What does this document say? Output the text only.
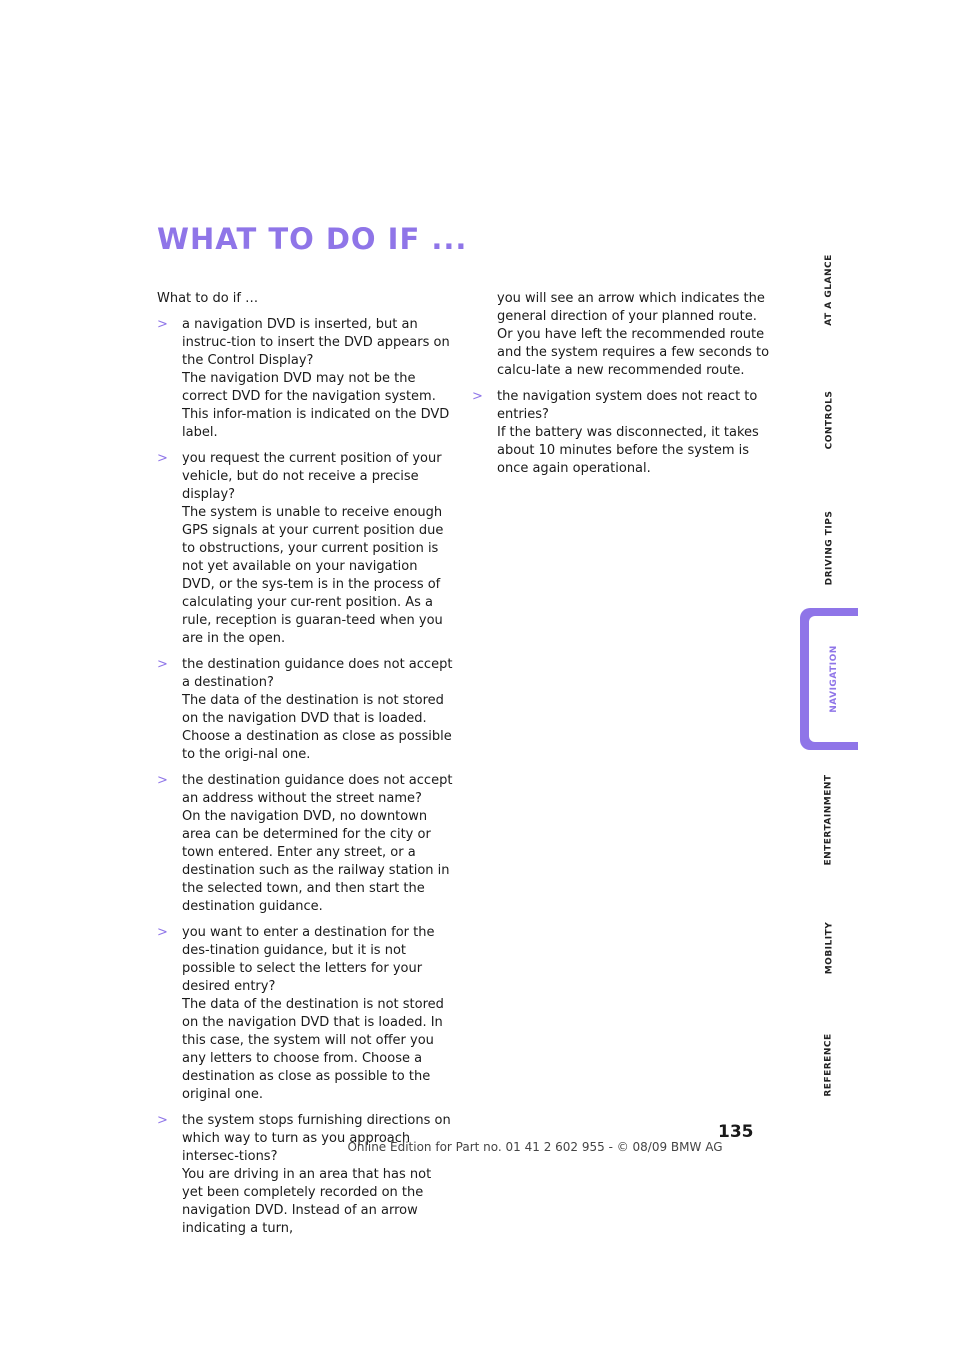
WHAT TO DO IF ...

What to do if …

> a navigation DVD is inserted, but an instruc-tion to insert the DVD appears on the Control Display?

The navigation DVD may not be the correct DVD for the navigation system. This infor-mation is indicated on the DVD label.

> you request the current position of your vehicle, but do not receive a precise display?

The system is unable to receive enough GPS signals at your current position due to obstructions, your current position is not yet available on your navigation DVD, or the sys-tem is in the process of calculating your cur-rent position. As a rule, reception is guaran-teed when you are in the open.

> the destination guidance does not accept a destination?

The data of the destination is not stored on the navigation DVD that is loaded. Choose a destination as close as possible to the origi-nal one.

> the destination guidance does not accept an address without the street name?

On the navigation DVD, no downtown area can be determined for the city or town entered. Enter any street, or a destination such as the railway station in the selected town, and then start the destination guidance.

> you want to enter a destination for the des-tination guidance, but it is not possible to select the letters for your desired entry?

The data of the destination is not stored on the navigation DVD that is loaded. In this case, the system will not offer you any letters to choose from. Choose a destination as close as possible to the original one.

> the system stops furnishing directions on which way to turn as you approach intersec-tions?

You are driving in an area that has not yet been completely recorded on the navigation DVD. Instead of an arrow indicating a turn,

you will see an arrow which indicates the general direction of your planned route. Or you have left the recommended route and the system requires a few seconds to calcu-late a new recommended route.

> the navigation system does not react to entries?

If the battery was disconnected, it takes about 10 minutes before the system is once again operational.

AT A GLANCE
CONTROLS
DRIVING TIPS
NAVIGATION
ENTERTAINMENT
MOBILITY
REFERENCE
135
Online Edition for Part no. 01 41 2 602 955 - © 08/09 BMW AG
